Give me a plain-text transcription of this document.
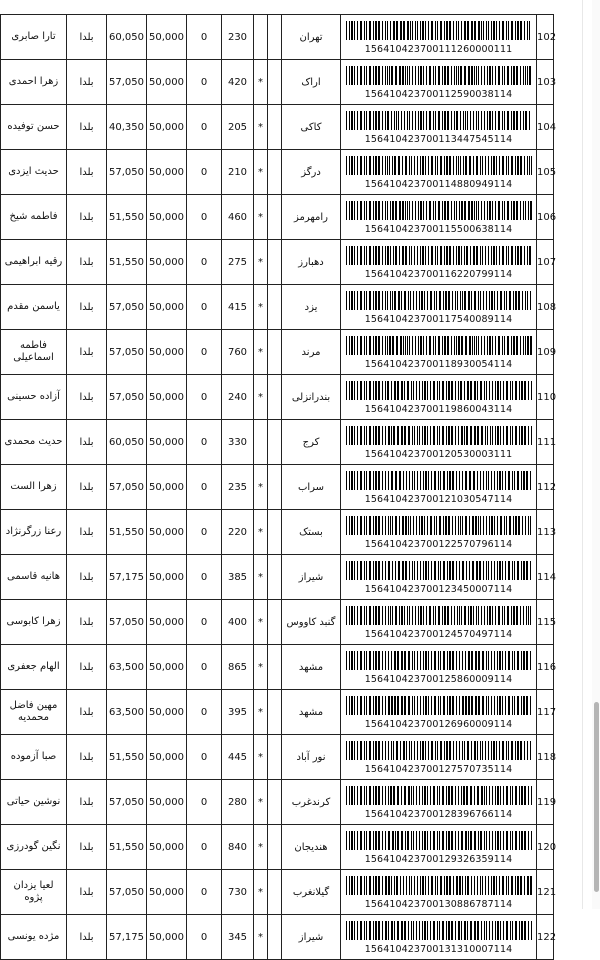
تارا صابری	بلدا	60,050	50,000	0	230			تهران	156410423700111260000111	102
زهرا احمدی	بلدا	57,050	50,000	0	420	*		اراک	156410423700112590038114	103
حسن توفیده	بلدا	40,350	50,000	0	205	*		کاکی	156410423700113447545114	104
حدیث ایزدی	بلدا	57,050	50,000	0	210	*		درگز	156410423700114880949114	105
فاطمه شیخ	بلدا	51,550	50,000	0	460	*		رامهرمز	156410423700115500638114	106
رقیه ابراهیمی	بلدا	51,550	50,000	0	275	*		دهبارز	156410423700116220799114	107
یاسمن مقدم	بلدا	57,050	50,000	0	415	*		یزد	156410423700117540089114	108
فاطمه اسماعیلی	بلدا	57,050	50,000	0	760	*		مرند	156410423700118930054114	109
آزاده حسینی	بلدا	57,050	50,000	0	240	*		بندرانزلی	156410423700119860043114	110
حدیث محمدی	بلدا	60,050	50,000	0	330			کرج	156410423700120530003111	111
زهرا الست	بلدا	57,050	50,000	0	235	*		سراب	156410423700121030547114	112
رعنا زرگرنژاد	بلدا	51,550	50,000	0	220	*		بستک	156410423700122570796114	113
هانیه قاسمی	بلدا	57,175	50,000	0	385	*		شیراز	156410423700123450007114	114
زهرا کابوسی	بلدا	57,050	50,000	0	400	*		گنبد کاووس	156410423700124570497114	115
الهام جعفری	بلدا	63,500	50,000	0	865	*		مشهد	156410423700125860009114	116
مهین فاضل محمدیه	بلدا	63,500	50,000	0	395	*		مشهد	156410423700126960009114	117
صبا آزموده	بلدا	51,550	50,000	0	445	*		نور آباد	156410423700127570735114	118
نوشین حیاتی	بلدا	57,050	50,000	0	280	*		کرندغرب	156410423700128396766114	119
نگین گودرزی	بلدا	51,550	50,000	0	840	*		هندیجان	156410423700129326359114	120
لعیا یزدان پژوه	بلدا	57,050	50,000	0	730	*		گیلانغرب	156410423700130886787114	121
مژده یونسی	بلدا	57,175	50,000	0	345	*		شیراز	156410423700131310007114	122
